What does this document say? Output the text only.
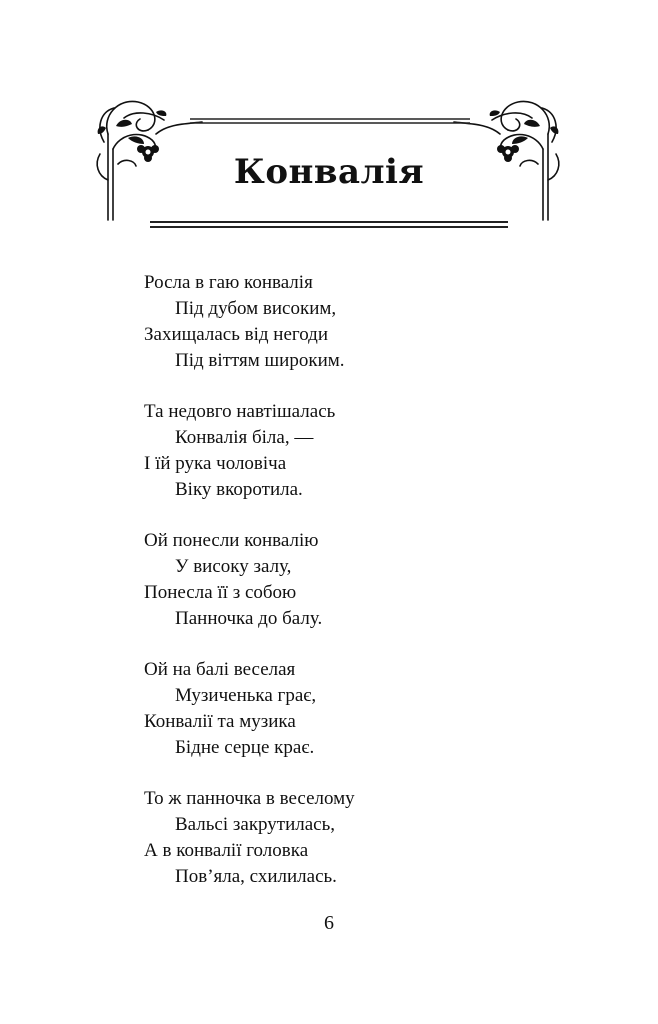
Конвалія
Росла в гаю конвалія
Під дубом високим,
Захищалась від негоди
Під віттям широким.
Та недовго навтішалась
Конвалія біла, —
І їй рука чоловіча
Віку вкоротила.
Ой понесли конвалію
У високу залу,
Понесла її з собою
Панночка до балу.
Ой на балі веселая
Музиченька грає,
Конвалії та музика
Бідне серце крає.
То ж панночка в веселому
Вальсі закрутилась,
А в конвалії головка
Пов’яла, схилилась.
6
